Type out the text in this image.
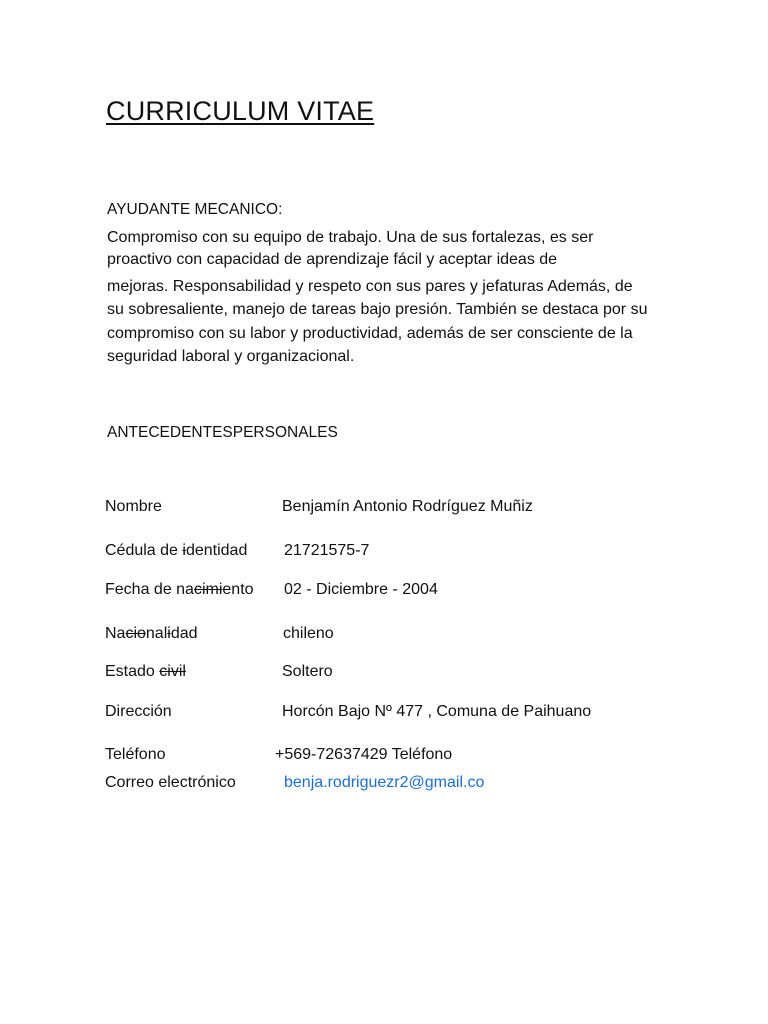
CURRICULUM VITAE
AYUDANTE MECANICO:
Compromiso con su equipo de trabajo. Una de sus fortalezas, es ser
proactivo con capacidad de aprendizaje fácil y aceptar ideas de
mejoras. Responsabilidad y respeto con sus pares y jefaturas Además, de
su sobresaliente, manejo de tareas bajo presión. También se destaca por su
compromiso con su labor y productividad, además de ser consciente de la
seguridad laboral y organizacional.
ANTECEDENTESPERSONALES
Nombre	Benjamín Antonio Rodríguez Muñiz
Cédula de identidad 21721575-7
Fecha de nacimiento 02 - Diciembre - 2004
Nacionalidad	chileno
Estado civil	Soltero
Dirección	Horcón Bajo Nº 477 , Comuna de Paihuano
Teléfono	+569-72637429 Teléfono
Correo electrónico	benja.rodriguezr2@gmail.co
